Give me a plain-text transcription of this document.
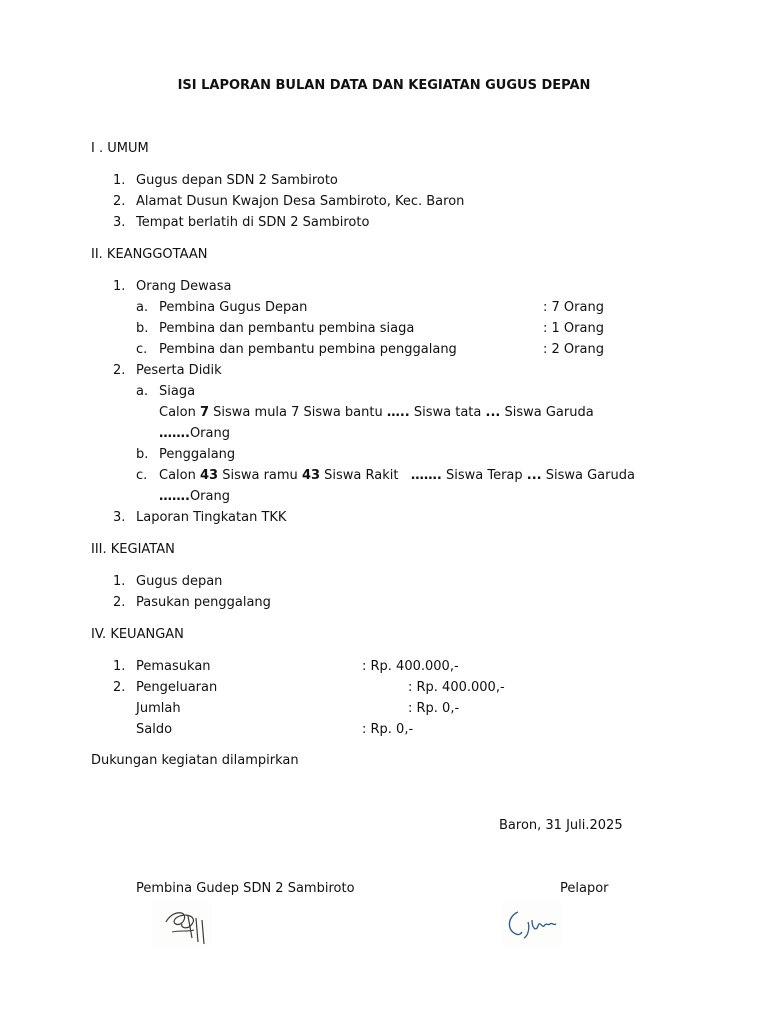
ISI LAPORAN BULAN DATA DAN KEGIATAN GUGUS DEPAN
I . UMUM
1. Gugus depan SDN 2 Sambiroto
2. Alamat Dusun Kwajon Desa Sambiroto, Kec. Baron
3. Tempat berlatih di SDN 2 Sambiroto
II. KEANGGOTAAN
1. Orang Dewasa
a. Pembina Gugus Depan	: 7 Orang
b. Pembina dan pembantu pembina siaga	: 1 Orang
c. Pembina dan pembantu pembina penggalang	: 2 Orang
2. Peserta Didik
a. Siaga
Calon 7 Siswa mula 7 Siswa bantu ….. Siswa tata ... Siswa Garuda
…….Orang
b. Penggalang
c. Calon 43 Siswa ramu 43 Siswa Rakit   ……. Siswa Terap ... Siswa Garuda
…….Orang
3. Laporan Tingkatan TKK
III. KEGIATAN
1. Gugus depan
2. Pasukan penggalang
IV. KEUANGAN
1. Pemasukan	: Rp. 400.000,-
2. Pengeluaran	: Rp. 400.000,-
Jumlah	: Rp. 0,-
Saldo	: Rp. 0,-
Dukungan kegiatan dilampirkan
Baron, 31 Juli.2025
Pembina Gudep SDN 2 Sambiroto	Pelapor
